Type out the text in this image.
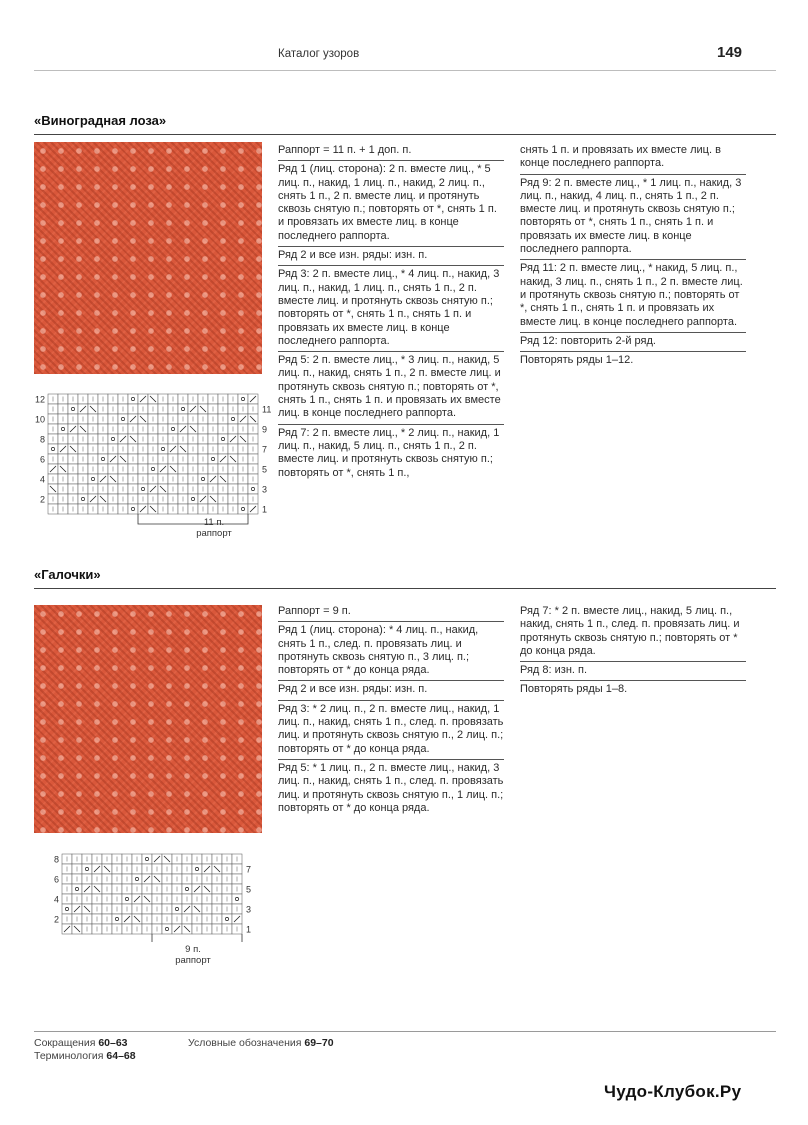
Каталог узоров	149
«Виноградная лоза»
Раппорт = 11 п. + 1 доп. п.
Ряд 1 (лиц. сторона): 2 п. вместе лиц., * 5 лиц. п., накид, 1 лиц. п., накид, 2 лиц. п., снять 1 п., 2 п. вместе лиц. и протянуть сквозь снятую п.; повторять от *, снять 1 п. и провязать их вместе лиц. в конце последнего раппорта.
Ряд 2 и все изн. ряды: изн. п.
Ряд 3: 2 п. вместе лиц., * 4 лиц. п., накид, 3 лиц. п., накид, 1 лиц. п., снять 1 п., 2 п. вместе лиц. и протянуть сквозь снятую п.; повторять от *, снять 1 п., снять 1 п. и провязать их вместе лиц. в конце последнего раппорта.
Ряд 5: 2 п. вместе лиц., * 3 лиц. п., накид, 5 лиц. п., накид, снять 1 п., 2 п. вместе лиц. и протянуть сквозь снятую п.; повторять от *, снять 1 п., снять 1 п. и провязать их вместе лиц. в конце последнего раппорта.
Ряд 7: 2 п. вместе лиц., * 2 лиц. п., накид, 1 лиц. п., накид, 5 лиц. п., снять 1 п., 2 п. вместе лиц. и протянуть сквозь снятую п.; повторять от *, снять 1 п.,
снять 1 п. и провязать их вместе лиц. в конце последнего раппорта.
Ряд 9: 2 п. вместе лиц., * 1 лиц. п., накид, 3 лиц. п., накид, 4 лиц. п., снять 1 п., 2 п. вместе лиц. и протянуть сквозь снятую п.; повторять от *, снять 1 п., снять 1 п. и провязать их вместе лиц. в конце последнего раппорта.
Ряд 11: 2 п. вместе лиц., * накид, 5 лиц. п., накид, 3 лиц. п., снять 1 п., 2 п. вместе лиц. и протянуть сквозь снятую п.; повторять от *, снять 1 п., снять 1 п. и провязать их вместе лиц. в конце последнего раппорта.
Ряд 12: повторить 2-й ряд.
Повторять ряды 1–12.
12
10
8
6
4
2
11
9
7
5
3
1
11 п.
раппорт
«Галочки»
Раппорт = 9 п.
Ряд 1 (лиц. сторона): * 4 лиц. п., накид, снять 1 п., след. п. провязать лиц. и протянуть сквозь снятую п., 3 лиц. п.; повторять от * до конца ряда.
Ряд 2 и все изн. ряды: изн. п.
Ряд 3: * 2 лиц. п., 2 п. вместе лиц., накид, 1 лиц. п., накид, снять 1 п., след. п. провязать лиц. и протянуть сквозь снятую п., 2 лиц. п.; повторять от * до конца ряда.
Ряд 5: * 1 лиц. п., 2 п. вместе лиц., накид, 3 лиц. п., накид, снять 1 п., след. п. провязать лиц. и протянуть сквозь снятую п., 1 лиц. п.; повторять от * до конца ряда.
Ряд 7: * 2 п. вместе лиц., накид, 5 лиц. п., накид, снять 1 п., след. п. провязать лиц. и протянуть сквозь снятую п.; повторять от * до конца ряда.
Ряд 8: изн. п.
Повторять ряды 1–8.
8
6
4
2
7
5
3
1
9 п.
раппорт
Сокращения 60–63
Терминология 64–68
Условные обозначения 69–70
Чудо-Клубок.Ру
